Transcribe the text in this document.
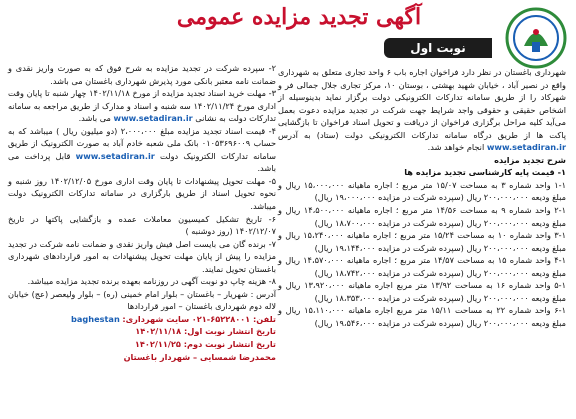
آگهی تجدید مزایده عمومی
نوبت اول

شهرداری باغستان در نظر دارد فراخوان اجاره باب ۶ واحد تجاری متعلق به شهرداری واقع در نصیر آباد ، خیابان شهید بهشتی ، بوستان ۱۰، مرکز تجاری جلال جمالی فر و شهرکاد را از طریق سامانه تدارکات الکترونیکی دولت برگزار نماید بدینوسیله از اشخاص حقیقی و حقوقی واجد شرایط جهت شرکت در تجدید مزایده دعوت بعمل می‌آید کلیه مراحل برگزاری فراخوان از دریافت و تحویل اسناد فراخوان تا بازگشایی پاکت ها از طریق درگاه سامانه تدارکات الکترونیکی دولت (ستاد) به آدرس www.setadiran.ir انجام خواهد شد.

شرح تجدید مزایده

۱- قیمت پایه کارشناسی تجدید مزایده ها

۱-۱ واحد شماره ۳ به مساحت ۱۵/۰۷ متر مربع ؛ اجاره ماهیانه ۱۵،۰۰۰،۰۰۰ ریال و مبلغ ودیعه ۲۰۰،۰۰۰،۰۰۰ ریال (سپرده شرکت در مزایده ۱۹،۰۰۰،۰۰۰ ریال)

۲-۱ واحد شماره ۹ به مساحت ۱۴/۵۶ متر مربع ؛ اجاره ماهیانه ۱۴،۵۰۰،۰۰۰ ریال و مبلغ ودیعه ۲۰۰،۰۰۰،۰۰۰ ریال (سپرده شرکت در مزایده ۱۸،۷۰۰،۰۰۰ ریال)

۳-۱ واحد شماره ۱۰ به مساحت ۱۵/۲۴ متر مربع ؛ اجاره ماهیانه ۱۵،۲۴۰،۰۰۰ ریال و مبلغ ودیعه ۲۰۰،۰۰۰،۰۰۰ ریال (سپرده شرکت در مزایده ۱۹،۱۴۴،۰۰۰ ریال)

۴-۱ واحد شماره ۱۵ به مساحت ۱۴/۵۷ متر مربع ؛ اجاره ماهیانه ۱۴،۵۷۰،۰۰۰ ریال و مبلغ ودیعه ۲۰۰،۰۰۰،۰۰۰ ریال (سپرده شرکت در مزایده ۱۸،۷۴۲،۰۰۰ ریال)

۵-۱ واحد شماره ۱۶ به مساحت ۱۳/۹۲ متر مربع اجاره ماهیانه ۱۳،۹۲۰،۰۰۰ ریال و مبلغ ودیعه ۲۰۰،۰۰۰،۰۰۰ ریال (سپرده شرکت در مزایده ۱۸،۳۵۳،۰۰۰ ریال)

۶-۱ واحد شماره ۲۲ به مساحت ۱۵/۱۱ متر مربع اجاره ماهیانه ۱۵،۱۱۰،۰۰۰ ریال و مبلغ ودیعه ۲۰۰،۰۰۰،۰۰۰ ریال (سپرده شرکت در مزایده ۱۹،۵۴۶،۰۰۰ ریال)

۲- سپرده شرکت در تجدید مزایده به شرح فوق که به صورت واریز نقدی و ضمانت نامه معتبر بانکی مورد پذیرش شهرداری باغستان می باشد.

۳- مهلت خرید اسناد تجدید مزایده از مورخ ۱۴۰۲/۱۱/۱۸ چهار شنبه تا پایان وقت اداری مورخ ۱۴۰۲/۱۱/۲۴ سه شنبه و اسناد و مدارک از طریق مراجعه به سامانه تدارکات دولت به نشانی www.setadiran.ir می باشد.

۴- قیمت اسناد تجدید مزایده مبلغ ۲،۰۰۰،۰۰۰ (دو میلیون ریال ) میباشد که به حساب ۰۱۰۵۳۶۹۶۰۰۹ بانک ملی شعبه خادم آباد به صورت الکترونیک از طریق سامانه تدارکات الکترونیک دولت www.setadiran.ir قابل پرداخت می باشد.

۵- مهلت تحویل پیشنهادات تا پایان وقت اداری مورخ ۱۴۰۲/۱۲/۰۵ روز شنبه و نحوه تحویل اسناد از طریق بارگزاری در سامانه تدارکات الکترونیک دولت میباشد.

۶- تاریخ تشکیل کمیسیون معاملات عمده و بازگشایی پاکتها در تاریخ ۱۴۰۲/۱۲/۰۷ (روز دوشنبه )

۷- برنده گان می بایست اصل فیش واریز نقدی و ضمانت نامه شرکت در تجدید مزایده را پیش از پایان مهلت تحویل پیشنهادات به امور قراردادهای شهرداری باغستان تحویل نمایند.

۸- هزینه چاپ دو نوبت آگهی در روزنامه بعهده برنده تجدید مزایده میباشد.

آدرس : شهریار – باغستان – بلوار امام خمینی (ره) – بلوار ولیعصر (عج) خیابان لاله دوم شهرداری باغستان – امور قراردادها

تلفن: ۶۵۲۲۸۰۰۱-۰۲۱ سایت شهرداری: baghestan

تاریخ انتشار نوبت اول: ۱۴۰۲/۱۱/۱۸

تاریخ انتشار نوبت دوم: ۱۴۰۲/۱۱/۲۵

محمدرضا شمسایی – شهردار باغستان
